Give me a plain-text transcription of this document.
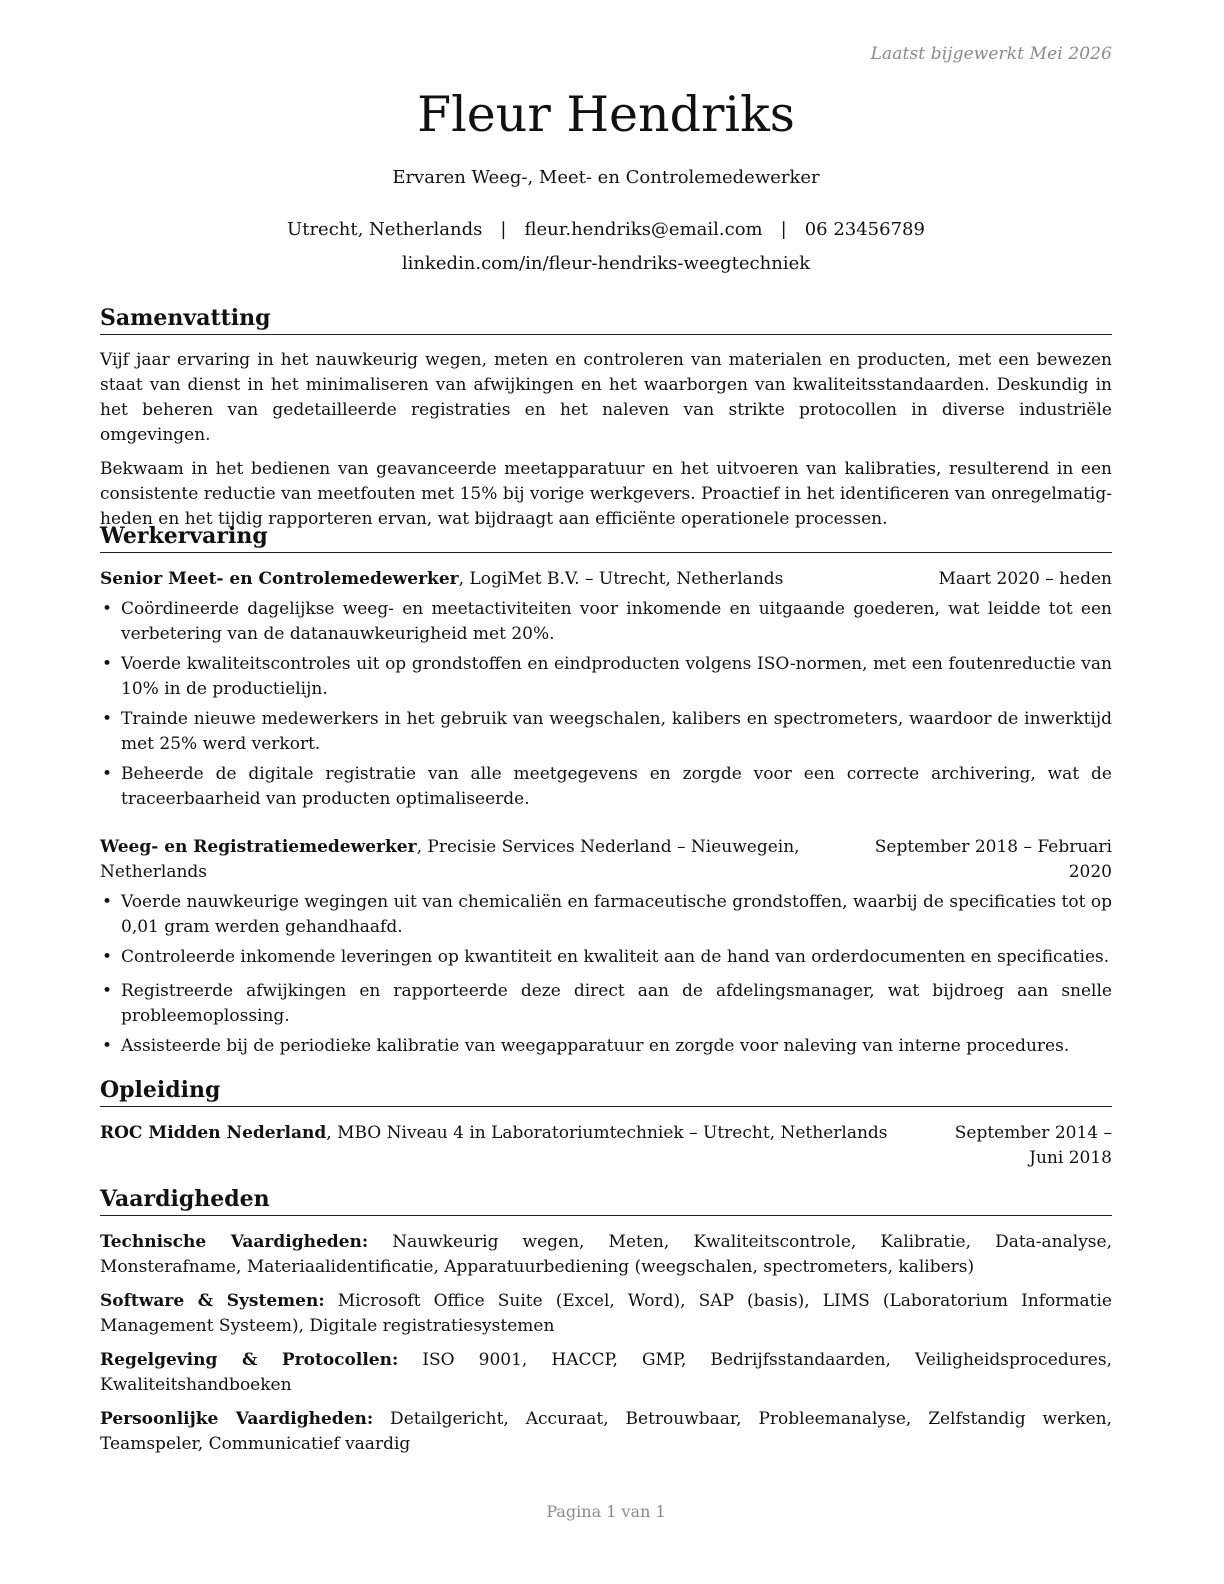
Laatst bijgewerkt Mei 2026
Fleur Hendriks
Ervaren Weeg-, Meet- en Controlemedewerker
Utrecht, Netherlands | fleur.hendriks@email.com | 06 23456789
linkedin.com/in/fleur-hendriks-weegtechniek
Samenvatting

Vijf jaar ervaring in het nauwkeurig wegen, meten en controleren van materialen en producten, met een bewezen staat van dienst in het minimaliseren van afwijkingen en het waarborgen van kwaliteitsstandaarden. Deskundig in het beheren van gedetailleerde registraties en het naleven van strikte protocollen in diverse industriële omgevingen.

Bekwaam in het bedienen van geavanceerde meetapparatuur en het uitvoeren van kalibraties, resulterend in een consistente reductie van meetfouten met 15% bij vorige werkgevers. Proactief in het identificeren van onregelmatigheden en het tijdig rapporteren ervan, wat bijdraagt aan efficiënte operationele processen.

Werkervaring
Senior Meet- en Controlemedewerker, LogiMet B.V. – Utrecht, Netherlands	Maart 2020 – heden
• Coördineerde dagelijkse weeg- en meetactiviteiten voor inkomende en uitgaande goederen, wat leidde tot een verbetering van de datanauwkeurigheid met 20%.
• Voerde kwaliteitscontroles uit op grondstoffen en eindproducten volgens ISO-normen, met een foutenreductie van 10% in de productielijn.
• Trainde nieuwe medewerkers in het gebruik van weegschalen, kalibers en spectrometers, waardoor de inwerktijd met 25% werd verkort.
• Beheerde de digitale registratie van alle meetgegevens en zorgde voor een correcte archivering, wat de traceerbaarheid van producten optimaliseerde.
Weeg- en Registratiemedewerker, Precisie Services Nederland – Nieuwegein, Netherlands
September 2018 – Februari 2020
• Voerde nauwkeurige wegingen uit van chemicaliën en farmaceutische grondstoffen, waarbij de specificaties tot op 0,01 gram werden gehandhaafd.
• Controleerde inkomende leveringen op kwantiteit en kwaliteit aan de hand van orderdocumenten en specificaties.
• Registreerde afwijkingen en rapporteerde deze direct aan de afdelingsmanager, wat bijdroeg aan snelle probleemoplossing.
• Assisteerde bij de periodieke kalibratie van weegapparatuur en zorgde voor naleving van interne procedures.
Opleiding
ROC Midden Nederland, MBO Niveau 4 in Laboratoriumtechniek – Utrecht, Netherlands	September 2014 – Juni 2018
Vaardigheden

Technische Vaardigheden: Nauwkeurig wegen, Meten, Kwaliteitscontrole, Kalibratie, Data-analyse, Monsterafname, Materiaalidentificatie, Apparatuurbediening (weegschalen, spectrometers, kalibers)

Software & Systemen: Microsoft Office Suite (Excel, Word), SAP (basis), LIMS (Laboratorium Informatie Management Systeem), Digitale registratiesystemen

Regelgeving & Protocollen: ISO 9001, HACCP, GMP, Bedrijfsstandaarden, Veiligheidsprocedures, Kwaliteitshandboeken

Persoonlijke Vaardigheden: Detailgericht, Accuraat, Betrouwbaar, Probleemanalyse, Zelfstandig werken, Teamspeler, Communicatief vaardig

Pagina 1 van 1
